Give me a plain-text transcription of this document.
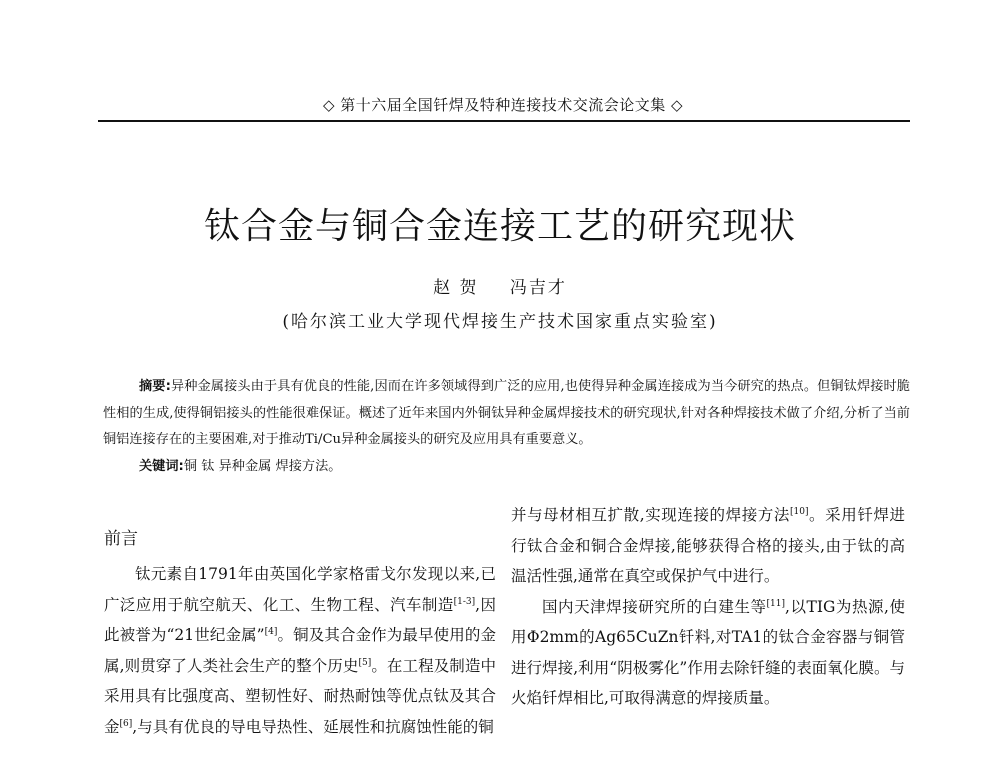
◇ 第十六届全国钎焊及特种连接技术交流会论文集 ◇
钛合金与铜合金连接工艺的研究现状
赵 贺 冯吉才
(哈尔滨工业大学现代焊接生产技术国家重点实验室)

摘要:异种金属接头由于具有优良的性能,因而在许多领域得到广泛的应用,也使得异种金属连接成为当今研究的热点。但铜钛焊接时脆性相的生成,使得铜铝接头的性能很难保证。概述了近年来国内外铜钛异种金属焊接技术的研究现状,针对各种焊接技术做了介绍,分析了当前铜铝连接存在的主要困难,对于推动Ti/Cu异种金属接头的研究及应用具有重要意义。

关键词:铜 钛 异种金属 焊接方法。

前言

钛元素自1791年由英国化学家格雷戈尔发现以来,已广泛应用于航空航天、化工、生物工程、汽车制造[1-3],因此被誉为“21世纪金属”[4]。铜及其合金作为最早使用的金属,则贯穿了人类社会生产的整个历史[5]。在工程及制造中采用具有比强度高、塑韧性好、耐热耐蚀等优点钛及其合金[6],与具有优良的导电导热性、延展性和抗腐蚀性能的铜

并与母材相互扩散,实现连接的焊接方法[10]。采用钎焊进行钛合金和铜合金焊接,能够获得合格的接头,由于钛的高温活性强,通常在真空或保护气中进行。

国内天津焊接研究所的白建生等[11],以TIG为热源,使用Φ2mm的Ag65CuZn钎料,对TA1的钛合金容器与铜管进行焊接,利用“阴极雾化”作用去除钎缝的表面氧化膜。与火焰钎焊相比,可取得满意的焊接质量。
